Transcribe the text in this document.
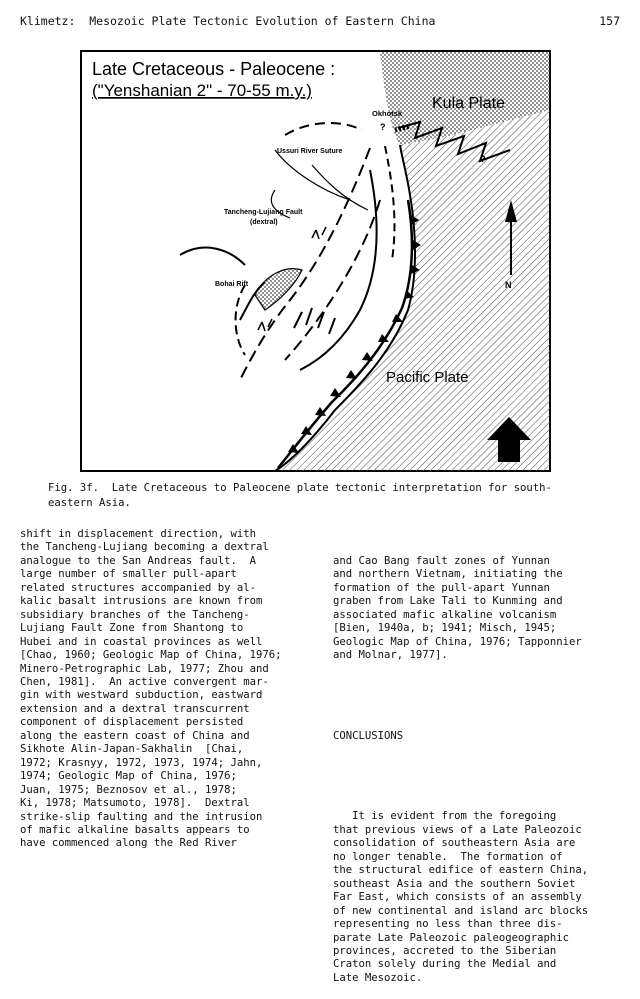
Klimetz:  Mesozoic Plate Tectonic Evolution of Eastern China	157
Late Cretaceous - Paleocene :
("Yenshanian 2" - 70-55 m.y.)
Kula Plate
Pacific Plate
Okhotsk
?
?
Ussuri River Suture
Tancheng-Lujiang Fault
(dextral)
Bohai Rift	N
Fig. 3f.  Late Cretaceous to Paleocene plate tectonic interpretation for south-
eastern Asia.

shift in displacement direction, with

the Tancheng-Lujiang becoming a dextral

analogue to the San Andreas fault.  A

large number of smaller pull-apart

related structures accompanied by al-

kalic basalt intrusions are known from

subsidiary branches of the Tancheng-

Lujiang Fault Zone from Shantong to

Hubei and in coastal provinces as well

[Chao, 1960; Geologic Map of China, 1976;

Minero-Petrographic Lab, 1977; Zhou and

Chen, 1981].  An active convergent mar-

gin with westward subduction, eastward

extension and a dextral transcurrent

component of displacement persisted

along the eastern coast of China and

Sikhote Alin-Japan-Sakhalin  [Chai,

1972; Krasnyy, 1972, 1973, 1974; Jahn,

1974; Geologic Map of China, 1976;

Juan, 1975; Beznosov et al., 1978;

Ki, 1978; Matsumoto, 1978].  Dextral

strike-slip faulting and the intrusion

of mafic alkaline basalts appears to

have commenced along the Red River

and Cao Bang fault zones of Yunnan

and northern Vietnam, initiating the

formation of the pull-apart Yunnan

graben from Lake Tali to Kunming and

associated mafic alkaline volcanism

[Bien, 1940a, b; 1941; Misch, 1945;

Geologic Map of China, 1976; Tapponnier

and Molnar, 1977].

CONCLUSIONS

It is evident from the foregoing

that previous views of a Late Paleozoic

consolidation of southeastern Asia are

no longer tenable.  The formation of

the structural edifice of eastern China,

southeast Asia and the southern Soviet

Far East, which consists of an assembly

of new continental and island arc blocks

representing no less than three dis-

parate Late Paleozoic paleogeographic

provinces, accreted to the Siberian

Craton solely during the Medial and

Late Mesozoic.
